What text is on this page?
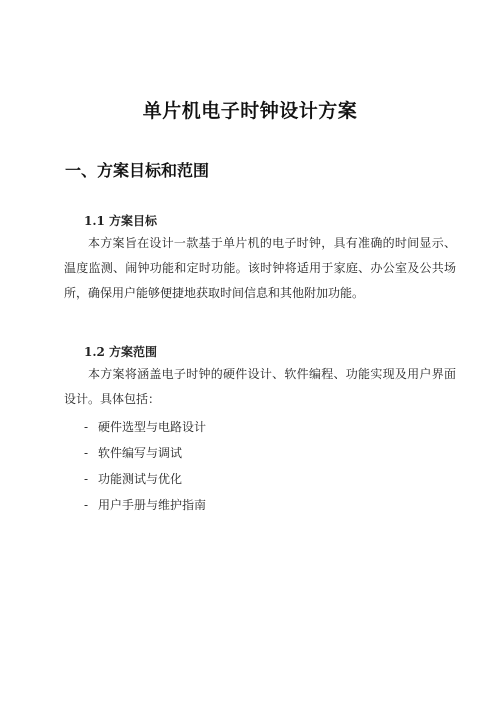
单片机电子时钟设计方案
一、方案目标和范围
1.1 方案目标

本方案旨在设计一款基于单片机的电子时钟，具有准确的时间显示、温度监测、闹钟功能和定时功能。该时钟将适用于家庭、办公室及公共场所，确保用户能够便捷地获取时间信息和其他附加功能。

1.2 方案范围

本方案将涵盖电子时钟的硬件设计、软件编程、功能实现及用户界面设计。具体包括：

- 硬件选型与电路设计
- 软件编写与调试
- 功能测试与优化
- 用户手册与维护指南
